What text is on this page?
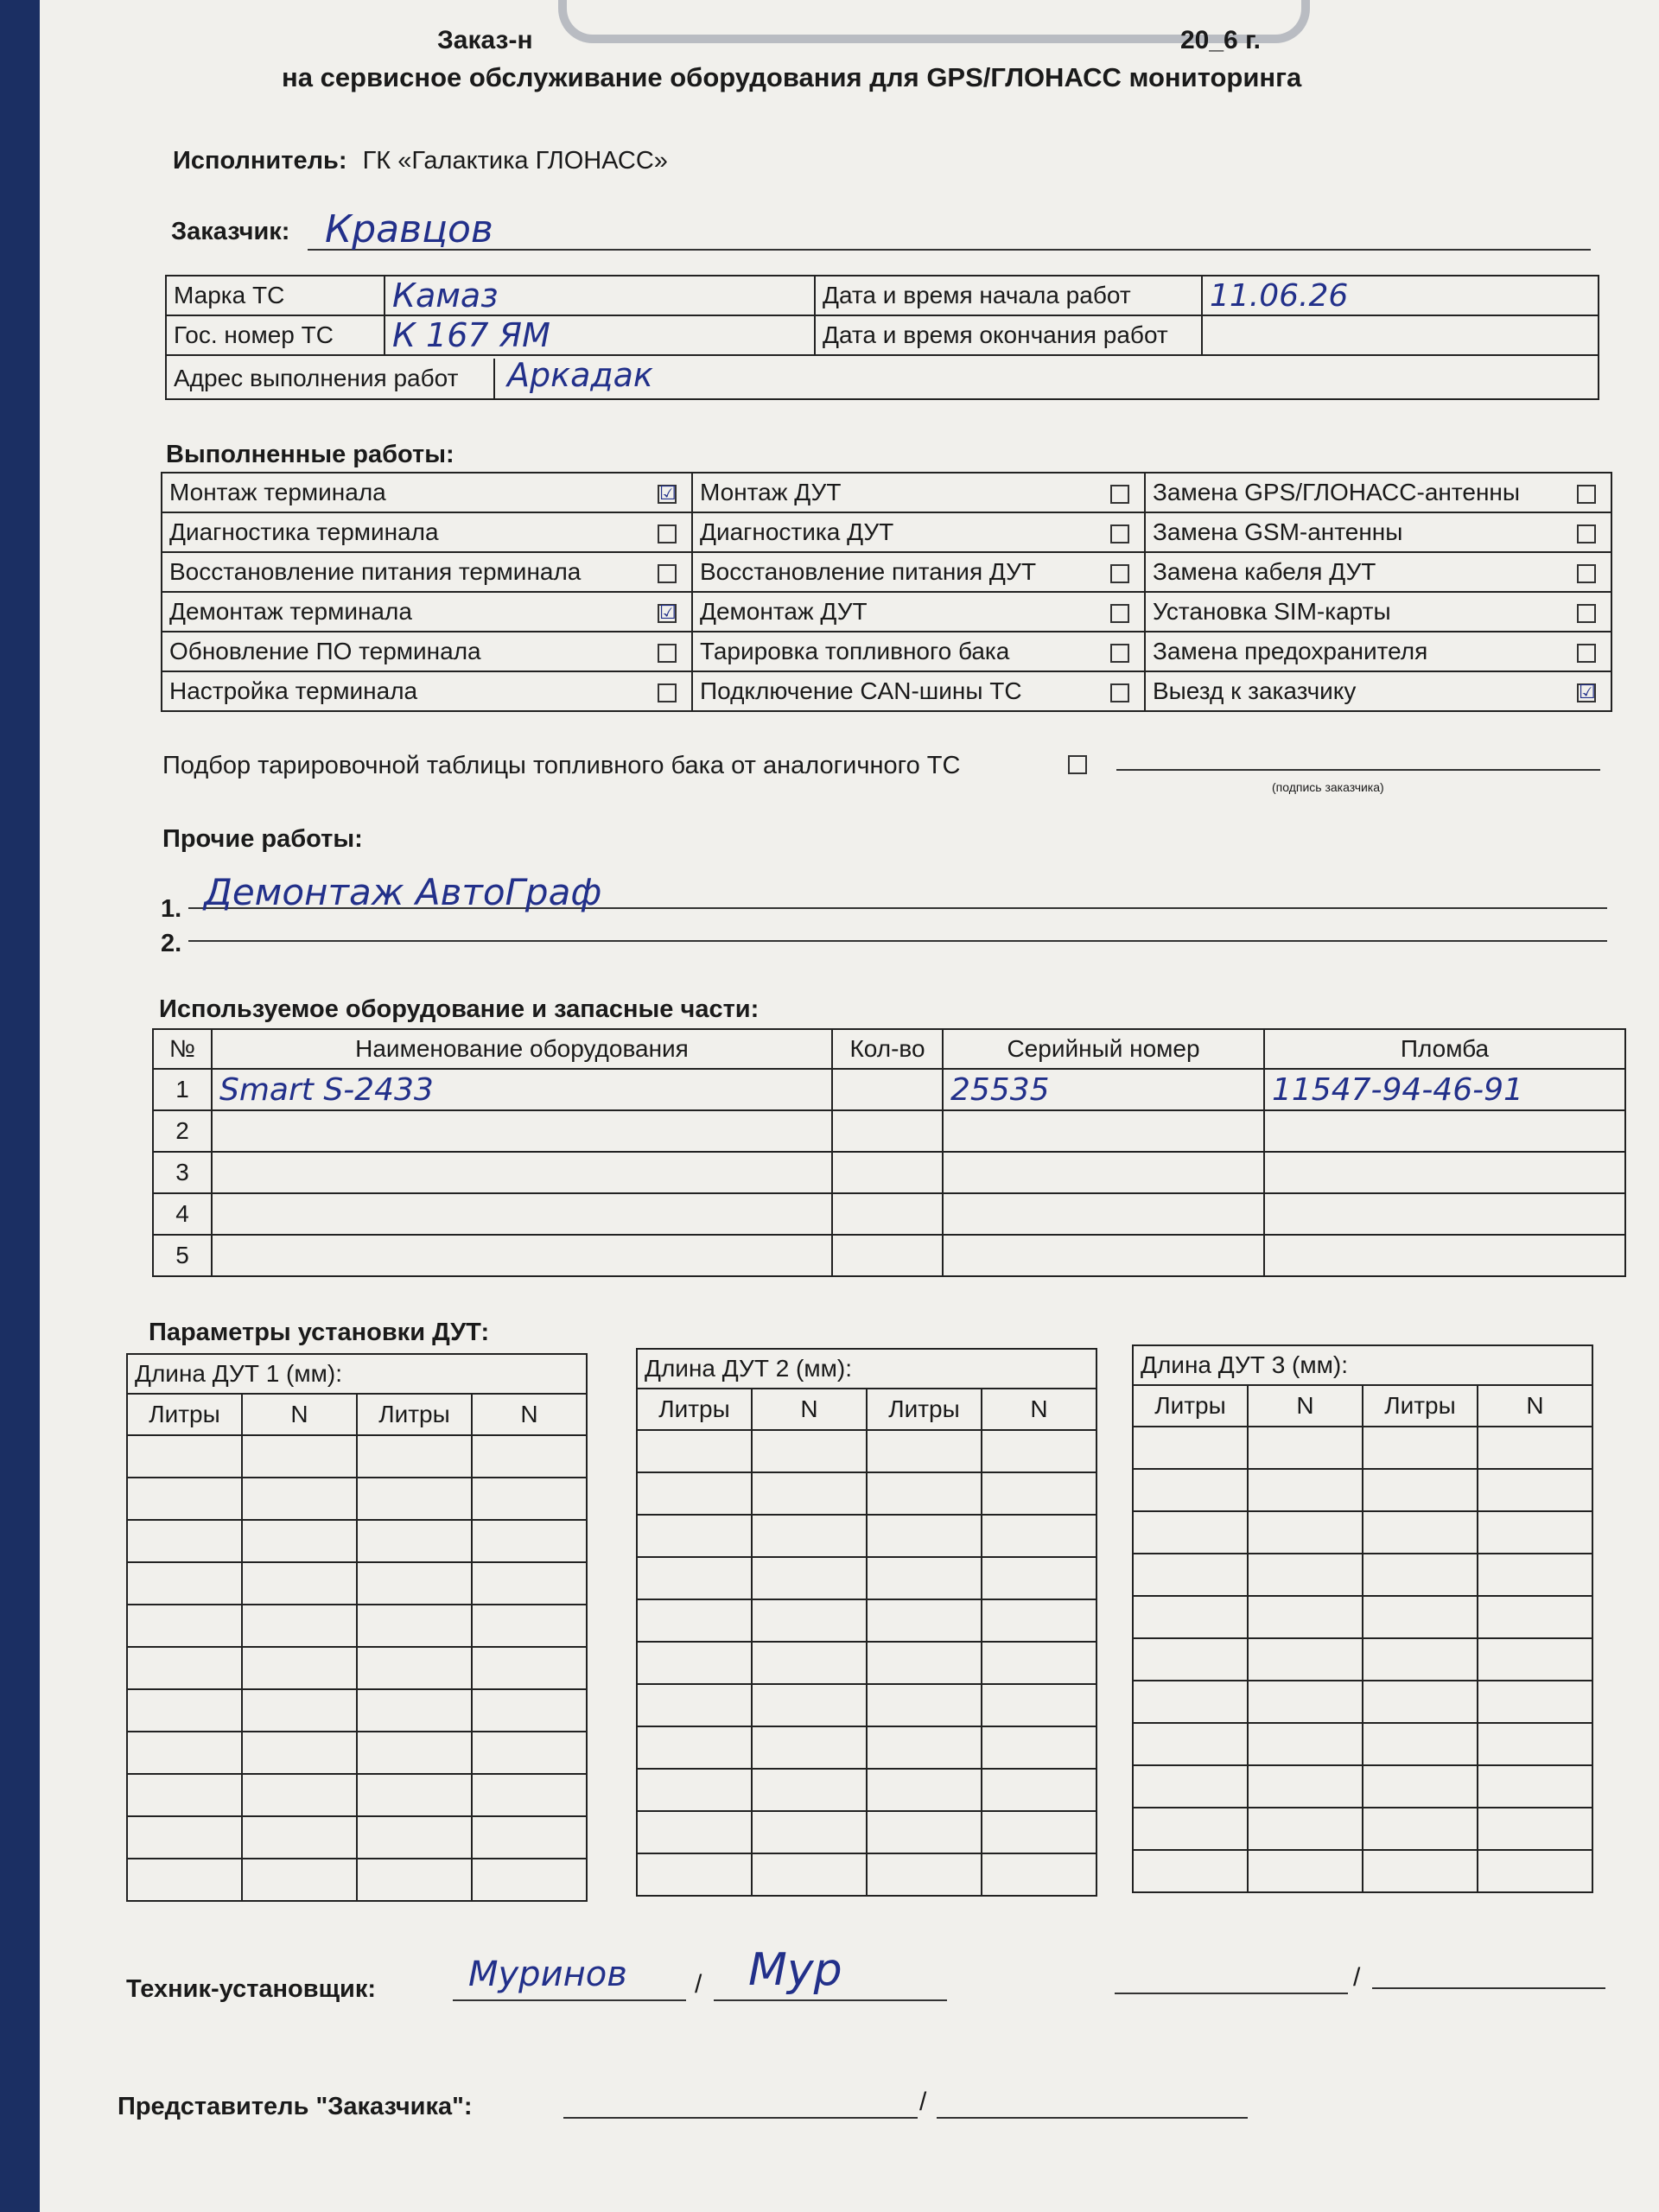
Заказ-н	20_6 г.
на сервисное обслуживание оборудования для GPS/ГЛОНАСС мониторинга
Исполнитель: ГК «Галактика ГЛОНАСС»
Заказчик: Кравцов
Марка ТС	Камаз	Дата и время начала работ	11.06.26
Гос. номер ТС	К 167 ЯМ	Дата и время окончания работ	
Адрес выполнения работ Аркадак			
Выполненные работы:
Монтаж терминала	☑	Монтаж ДУТ		Замена GPS/ГЛОНАСС-антенны	
Диагностика терминала		Диагностика ДУТ		Замена GSM-антенны	
Восстановление питания терминала		Восстановление питания ДУТ		Замена кабеля ДУТ	
Демонтаж терминала	☑	Демонтаж ДУТ		Установка SIM-карты	
Обновление ПО терминала		Тарировка топливного бака		Замена предохранителя	
Настройка терминала		Подключение CAN-шины ТС		Выезд к заказчику	☑
Подбор тарировочной таблицы топливного бака от аналогичного ТС
(подпись заказчика)
Прочие работы:
1. Демонтаж АвтоГраф
2.
Используемое оборудование и запасные части:
№	Наименование оборудования	Кол-во	Серийный номер	Пломба
1	Smart S-2433		25535	11547-94-46-91
2				
3				
4				
5				
Параметры установки ДУТ:
Длина ДУТ 1 (мм):			
Литры	N	Литры	N

Длина ДУТ 2 (мм):			
Литры	N	Литры	N

Длина ДУТ 3 (мм):			
Литры	N	Литры	N

Техник-установщик:	/
Муринов	Мур	/
Представитель "Заказчика":	/
